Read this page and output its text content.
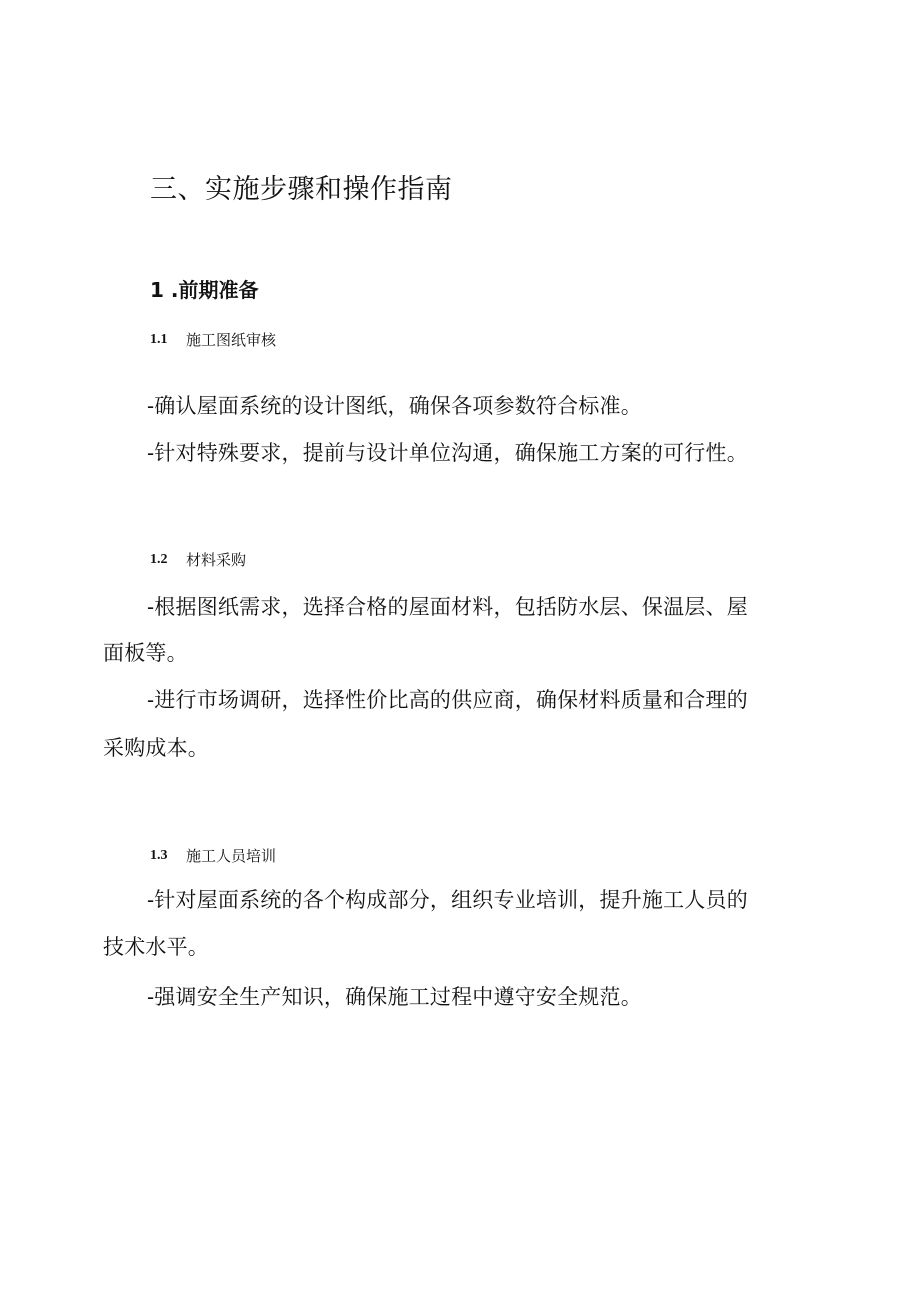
三、实施步骤和操作指南
1 .前期准备
1.1	施工图纸审核

-确认屋面系统的设计图纸，确保各项参数符合标准。

-针对特殊要求，提前与设计单位沟通，确保施工方案的可行性。

1.2	材料采购

-根据图纸需求，选择合格的屋面材料，包括防水层、保温层、屋

面板等。

-进行市场调研，选择性价比高的供应商，确保材料质量和合理的

采购成本。

1.3	施工人员培训

-针对屋面系统的各个构成部分，组织专业培训，提升施工人员的

技术水平。

-强调安全生产知识，确保施工过程中遵守安全规范。
